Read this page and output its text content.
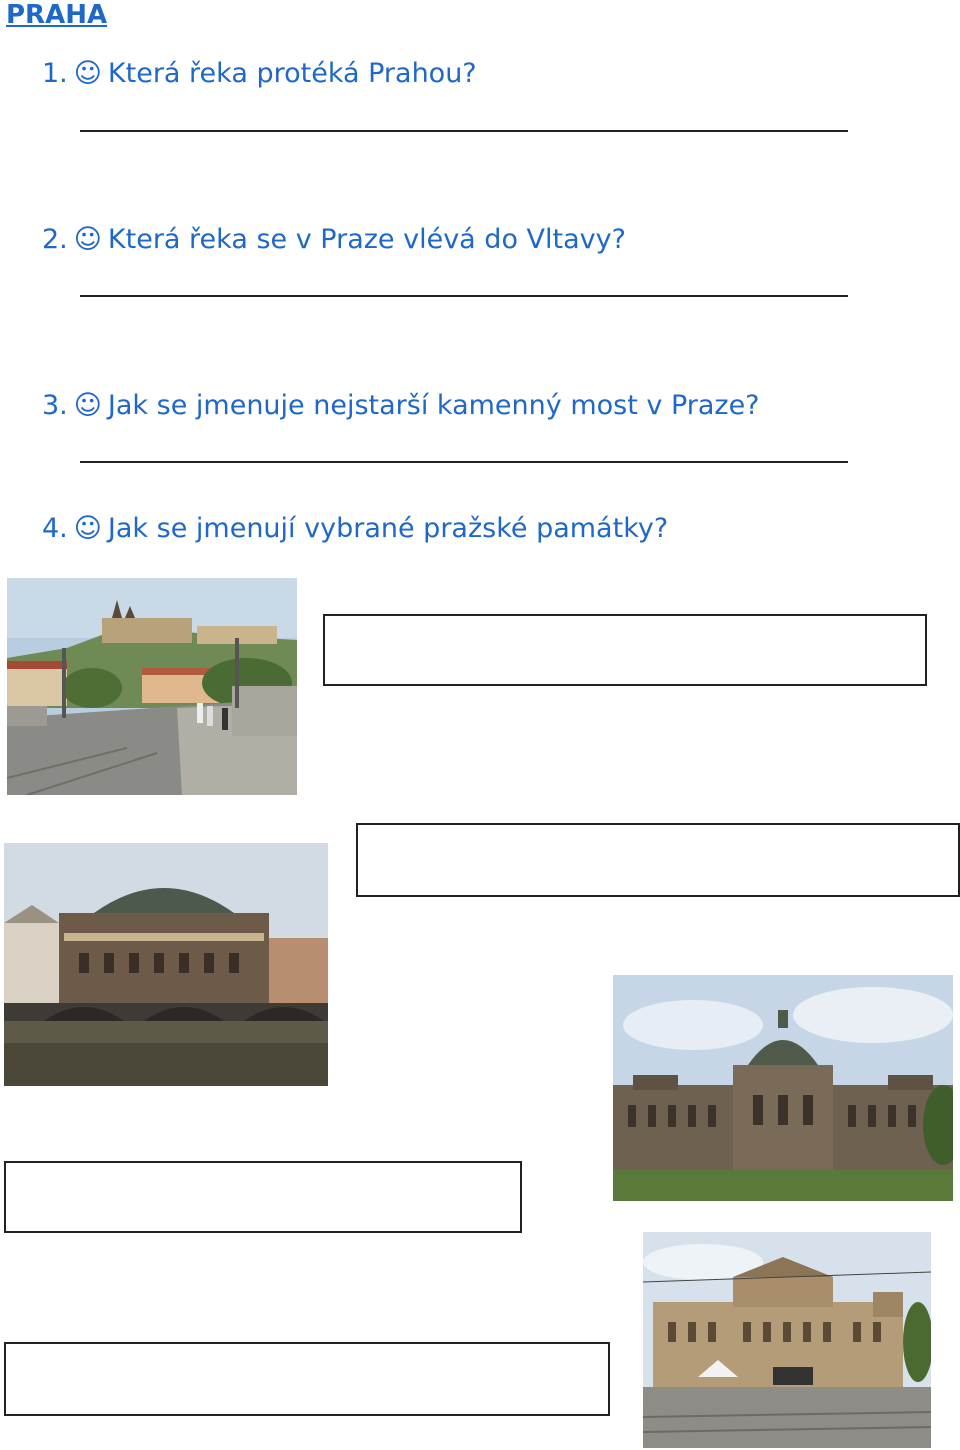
PRAHA
1. ☺ Která řeka protéká Prahou?
2. ☺ Která řeka se v Praze vlévá do Vltavy?
3. ☺ Jak se jmenuje nejstarší kamenný most v Praze?
4. ☺ Jak se jmenují vybrané pražské památky?
